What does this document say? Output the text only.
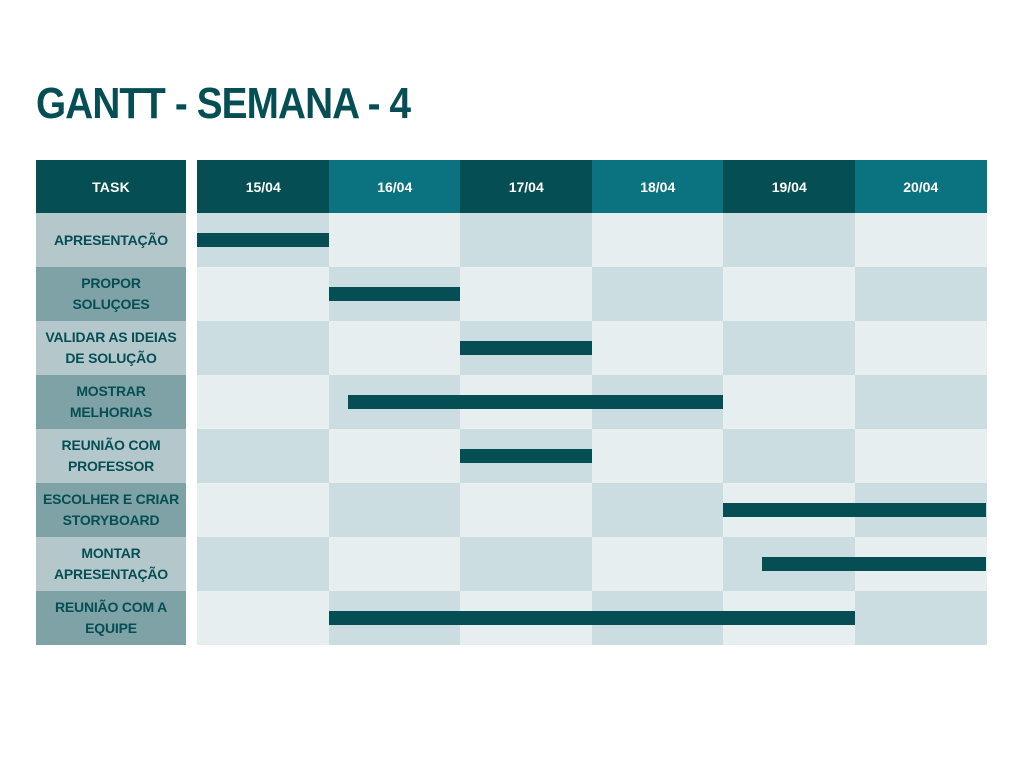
GANTT - SEMANA - 4
TASK	15/04	16/04	17/04	18/04	19/04	20/04
APRESENTAÇÃO
PROPOR SOLUÇOES
VALIDAR AS IDEIAS DE SOLUÇÃO
MOSTRAR MELHORIAS
REUNIÃO COM PROFESSOR
ESCOLHER E CRIAR STORYBOARD
MONTAR APRESENTAÇÃO
REUNIÃO COM A EQUIPE
